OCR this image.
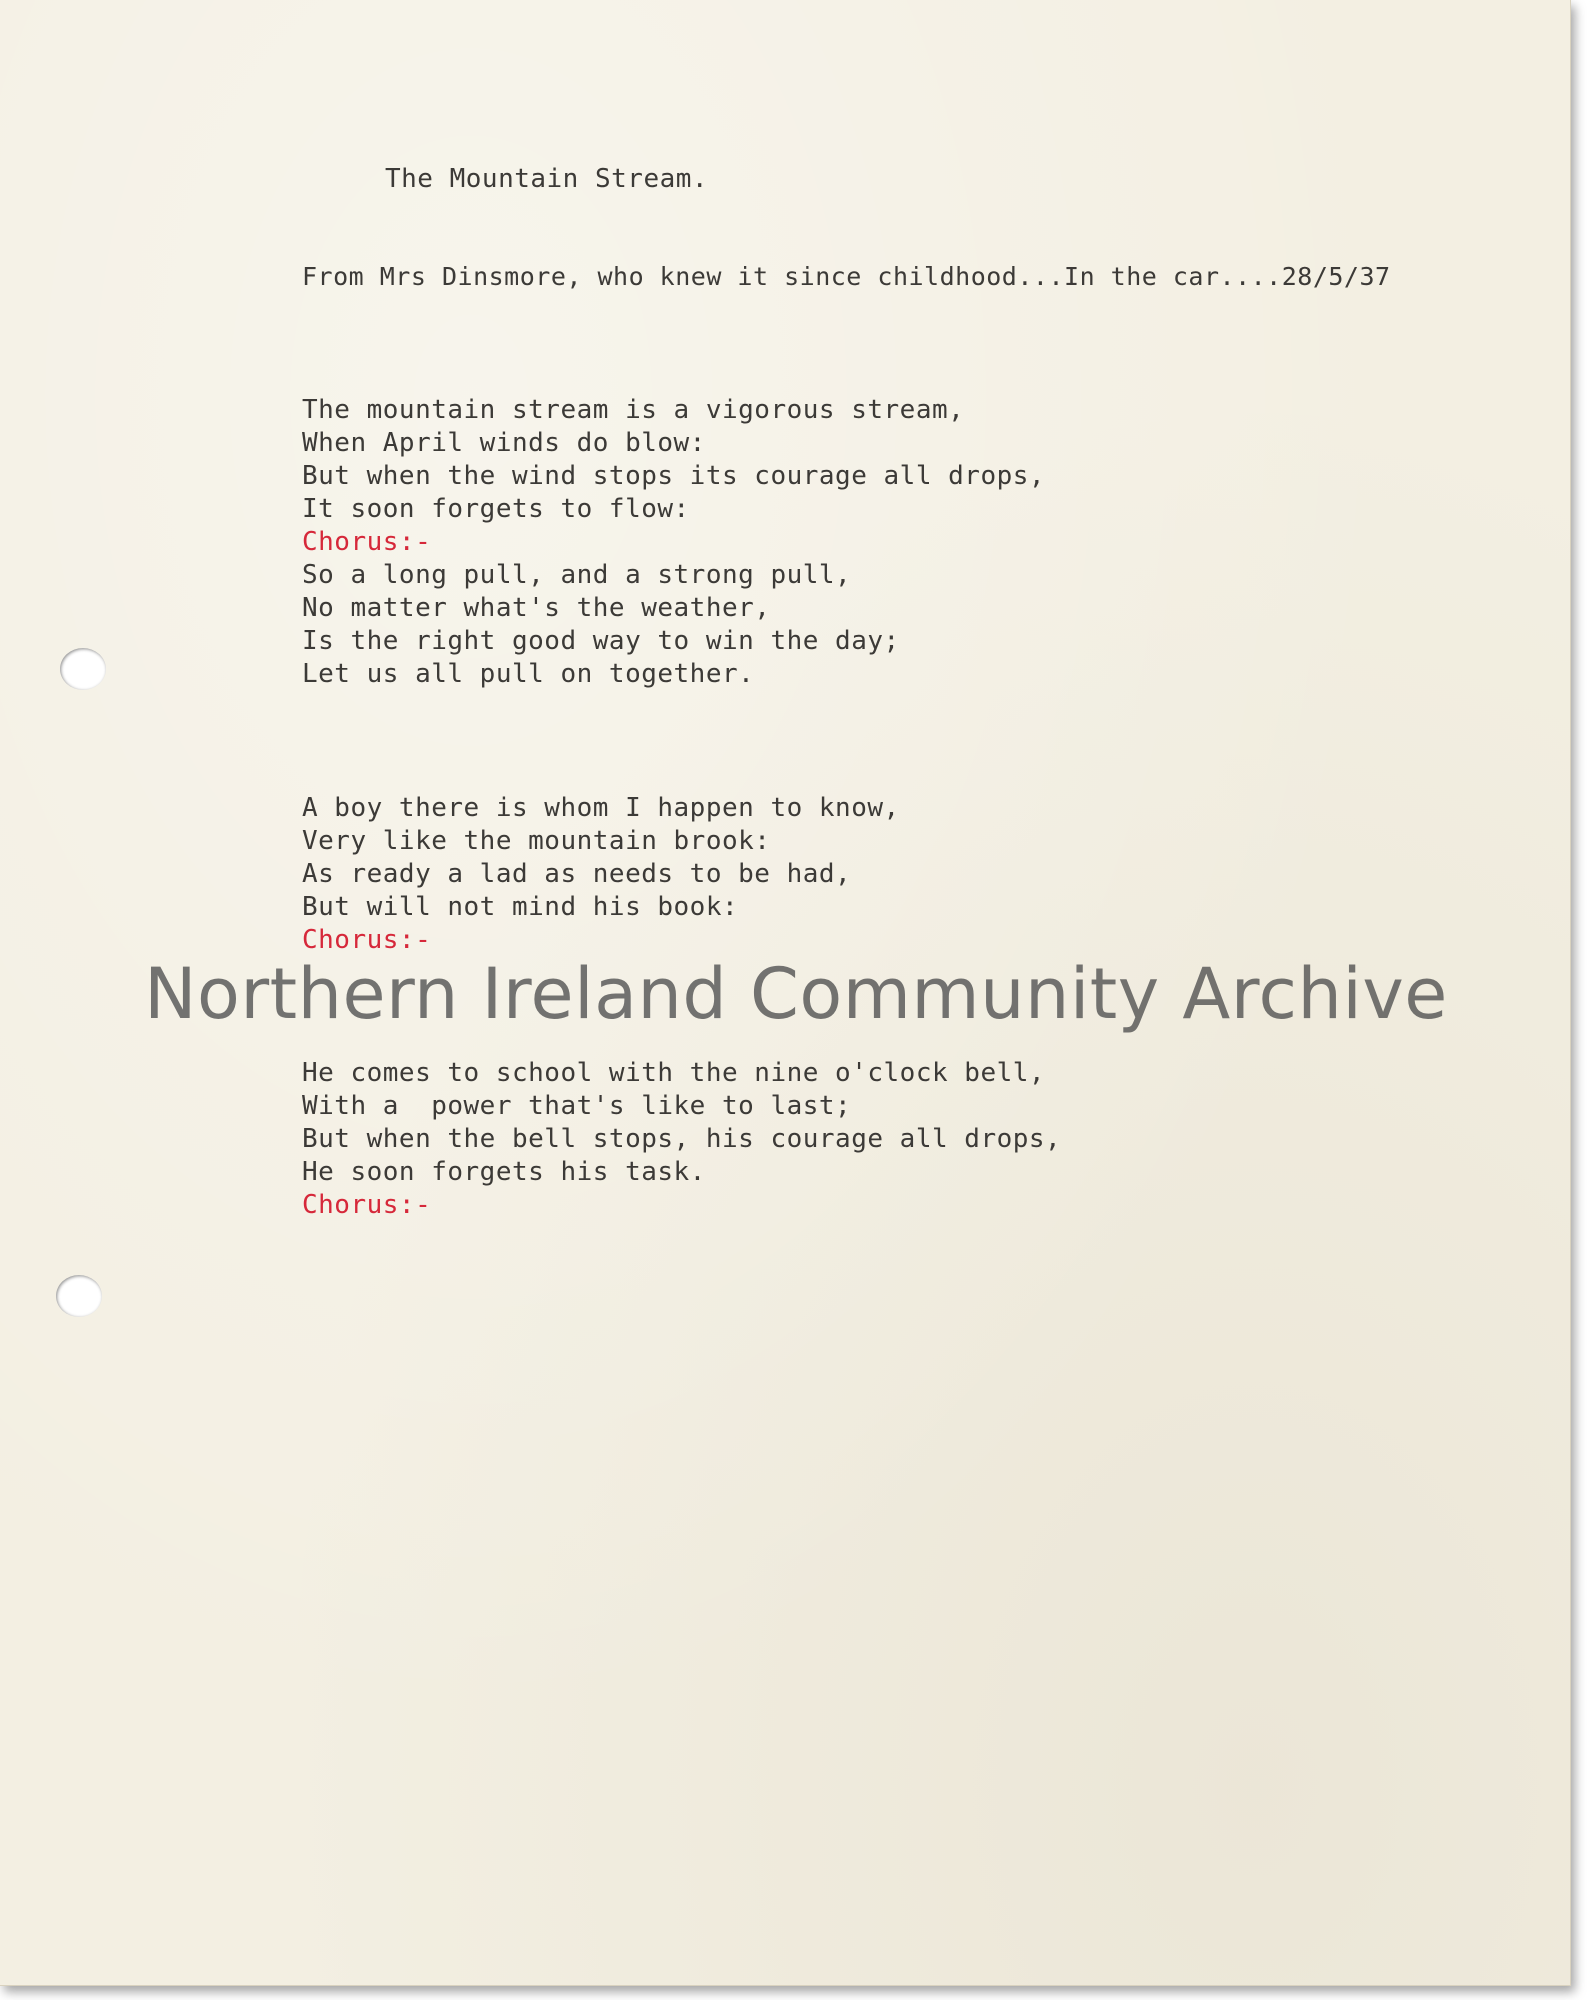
The Mountain Stream.
From Mrs Dinsmore, who knew it since childhood...In the car....28/5/37
The mountain stream is a vigorous stream,
When April winds do blow:
But when the wind stops its courage all drops,
It soon forgets to flow:
Chorus:-
So a long pull, and a strong pull,
No matter what's the weather,
Is the right good way to win the day;
Let us all pull on together.
A boy there is whom I happen to know,
Very like the mountain brook:
As ready a lad as needs to be had,
But will not mind his book:
Chorus:-
He comes to school with the nine o'clock bell,
With a  power that's like to last;
But when the bell stops, his courage all drops,
He soon forgets his task.
Chorus:-
Northern Ireland Community Archive
